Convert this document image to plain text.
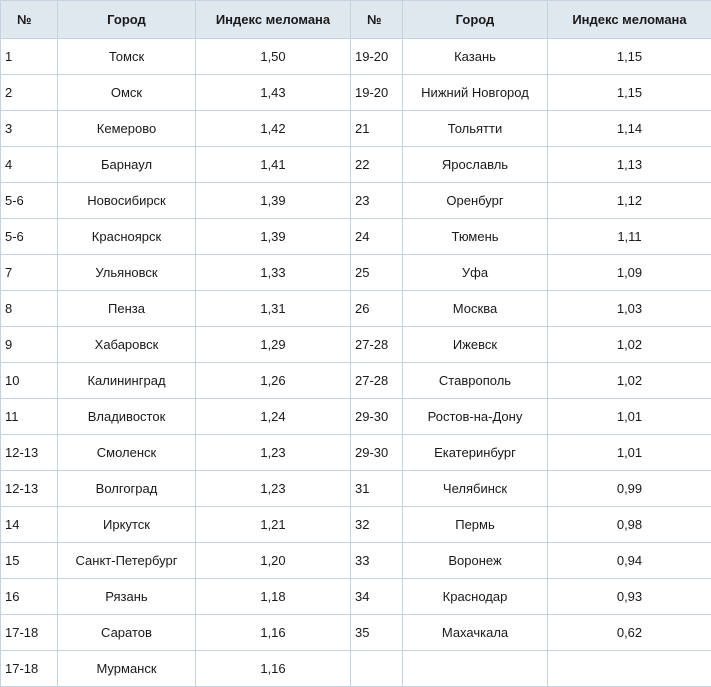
№	Город	Индекс меломана	№	Город	Индекс меломана
1	Томск	1,50	19-20	Казань	1,15
2	Омск	1,43	19-20	Нижний Новгород	1,15
3	Кемерово	1,42	21	Тольятти	1,14
4	Барнаул	1,41	22	Ярославль	1,13
5-6	Новосибирск	1,39	23	Оренбург	1,12
5-6	Красноярск	1,39	24	Тюмень	1,11
7	Ульяновск	1,33	25	Уфа	1,09
8	Пенза	1,31	26	Москва	1,03
9	Хабаровск	1,29	27-28	Ижевск	1,02
10	Калининград	1,26	27-28	Ставрополь	1,02
11	Владивосток	1,24	29-30	Ростов-на-Дону	1,01
12-13	Смоленск	1,23	29-30	Екатеринбург	1,01
12-13	Волгоград	1,23	31	Челябинск	0,99
14	Иркутск	1,21	32	Пермь	0,98
15	Санкт-Петербург	1,20	33	Воронеж	0,94
16	Рязань	1,18	34	Краснодар	0,93
17-18	Саратов	1,16	35	Махачкала	0,62
17-18	Мурманск	1,16			
